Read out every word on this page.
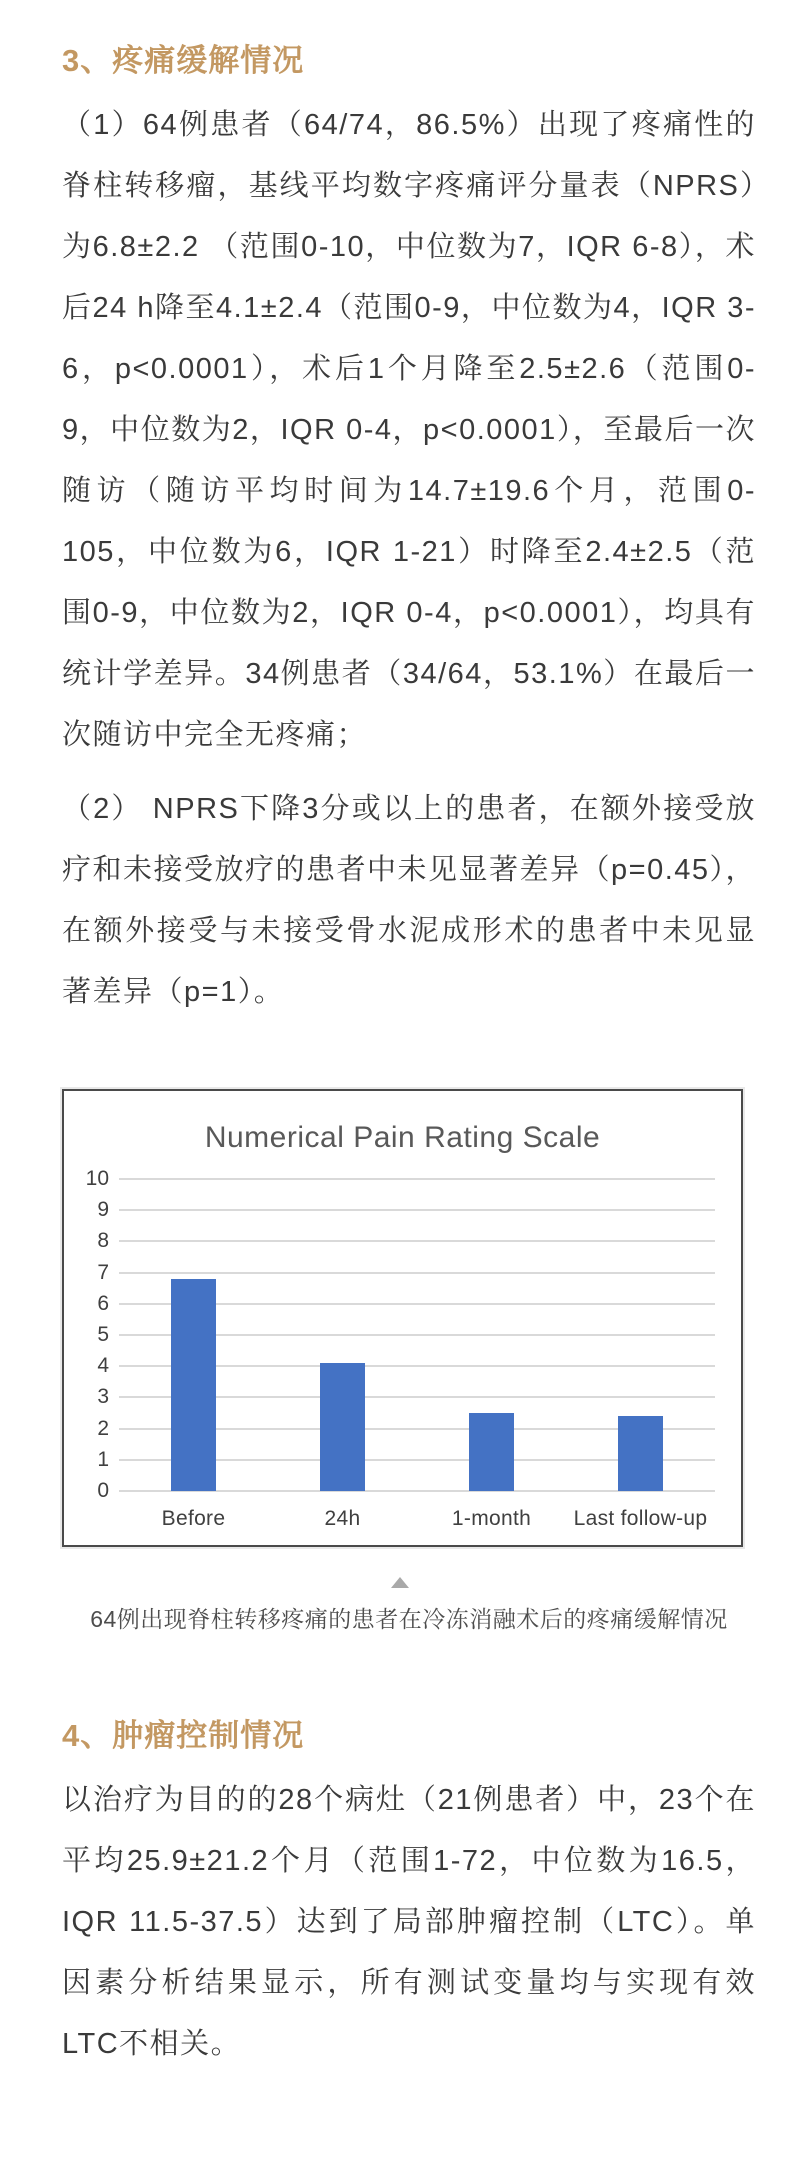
3、疼痛缓解情况

（1）64例患者（64/74，86.5%）出现了疼痛性的脊柱转移瘤，基线平均数字疼痛评分量表（NPRS）为6.8±2.2 （范围0-10，中位数为7，IQR 6-8），术后24 h降至4.1±2.4（范围0-9，中位数为4，IQR 3-6，p<0.0001），术后1个月降至2.5±2.6（范围0-9，中位数为2，IQR 0-4，p<0.0001），至最后一次随访（随访平均时间为14.7±19.6个月，范围0-105，中位数为6，IQR 1-21）时降至2.4±2.5（范围0-9，中位数为2，IQR 0-4，p<0.0001），均具有统计学差异。34例患者（34/64，53.1%）在最后一次随访中完全无疼痛；

（2） NPRS下降3分或以上的患者，在额外接受放疗和未接受放疗的患者中未见显著差异（p=0.45），在额外接受与未接受骨水泥成形术的患者中未见显著差异（p=1）。

Numerical Pain Rating Scale
0
1
2
3
4
5
6
7
8
9
10
Before	24h	1-month	Last follow-up
64例出现脊柱转移疼痛的患者在冷冻消融术后的疼痛缓解情况
4、肿瘤控制情况

以治疗为目的的28个病灶（21例患者）中，23个在平均25.9±21.2个月（范围1-72，中位数为16.5，IQR 11.5-37.5）达到了局部肿瘤控制（LTC）。单因素分析结果显示，所有测试变量均与实现有效LTC不相关。
